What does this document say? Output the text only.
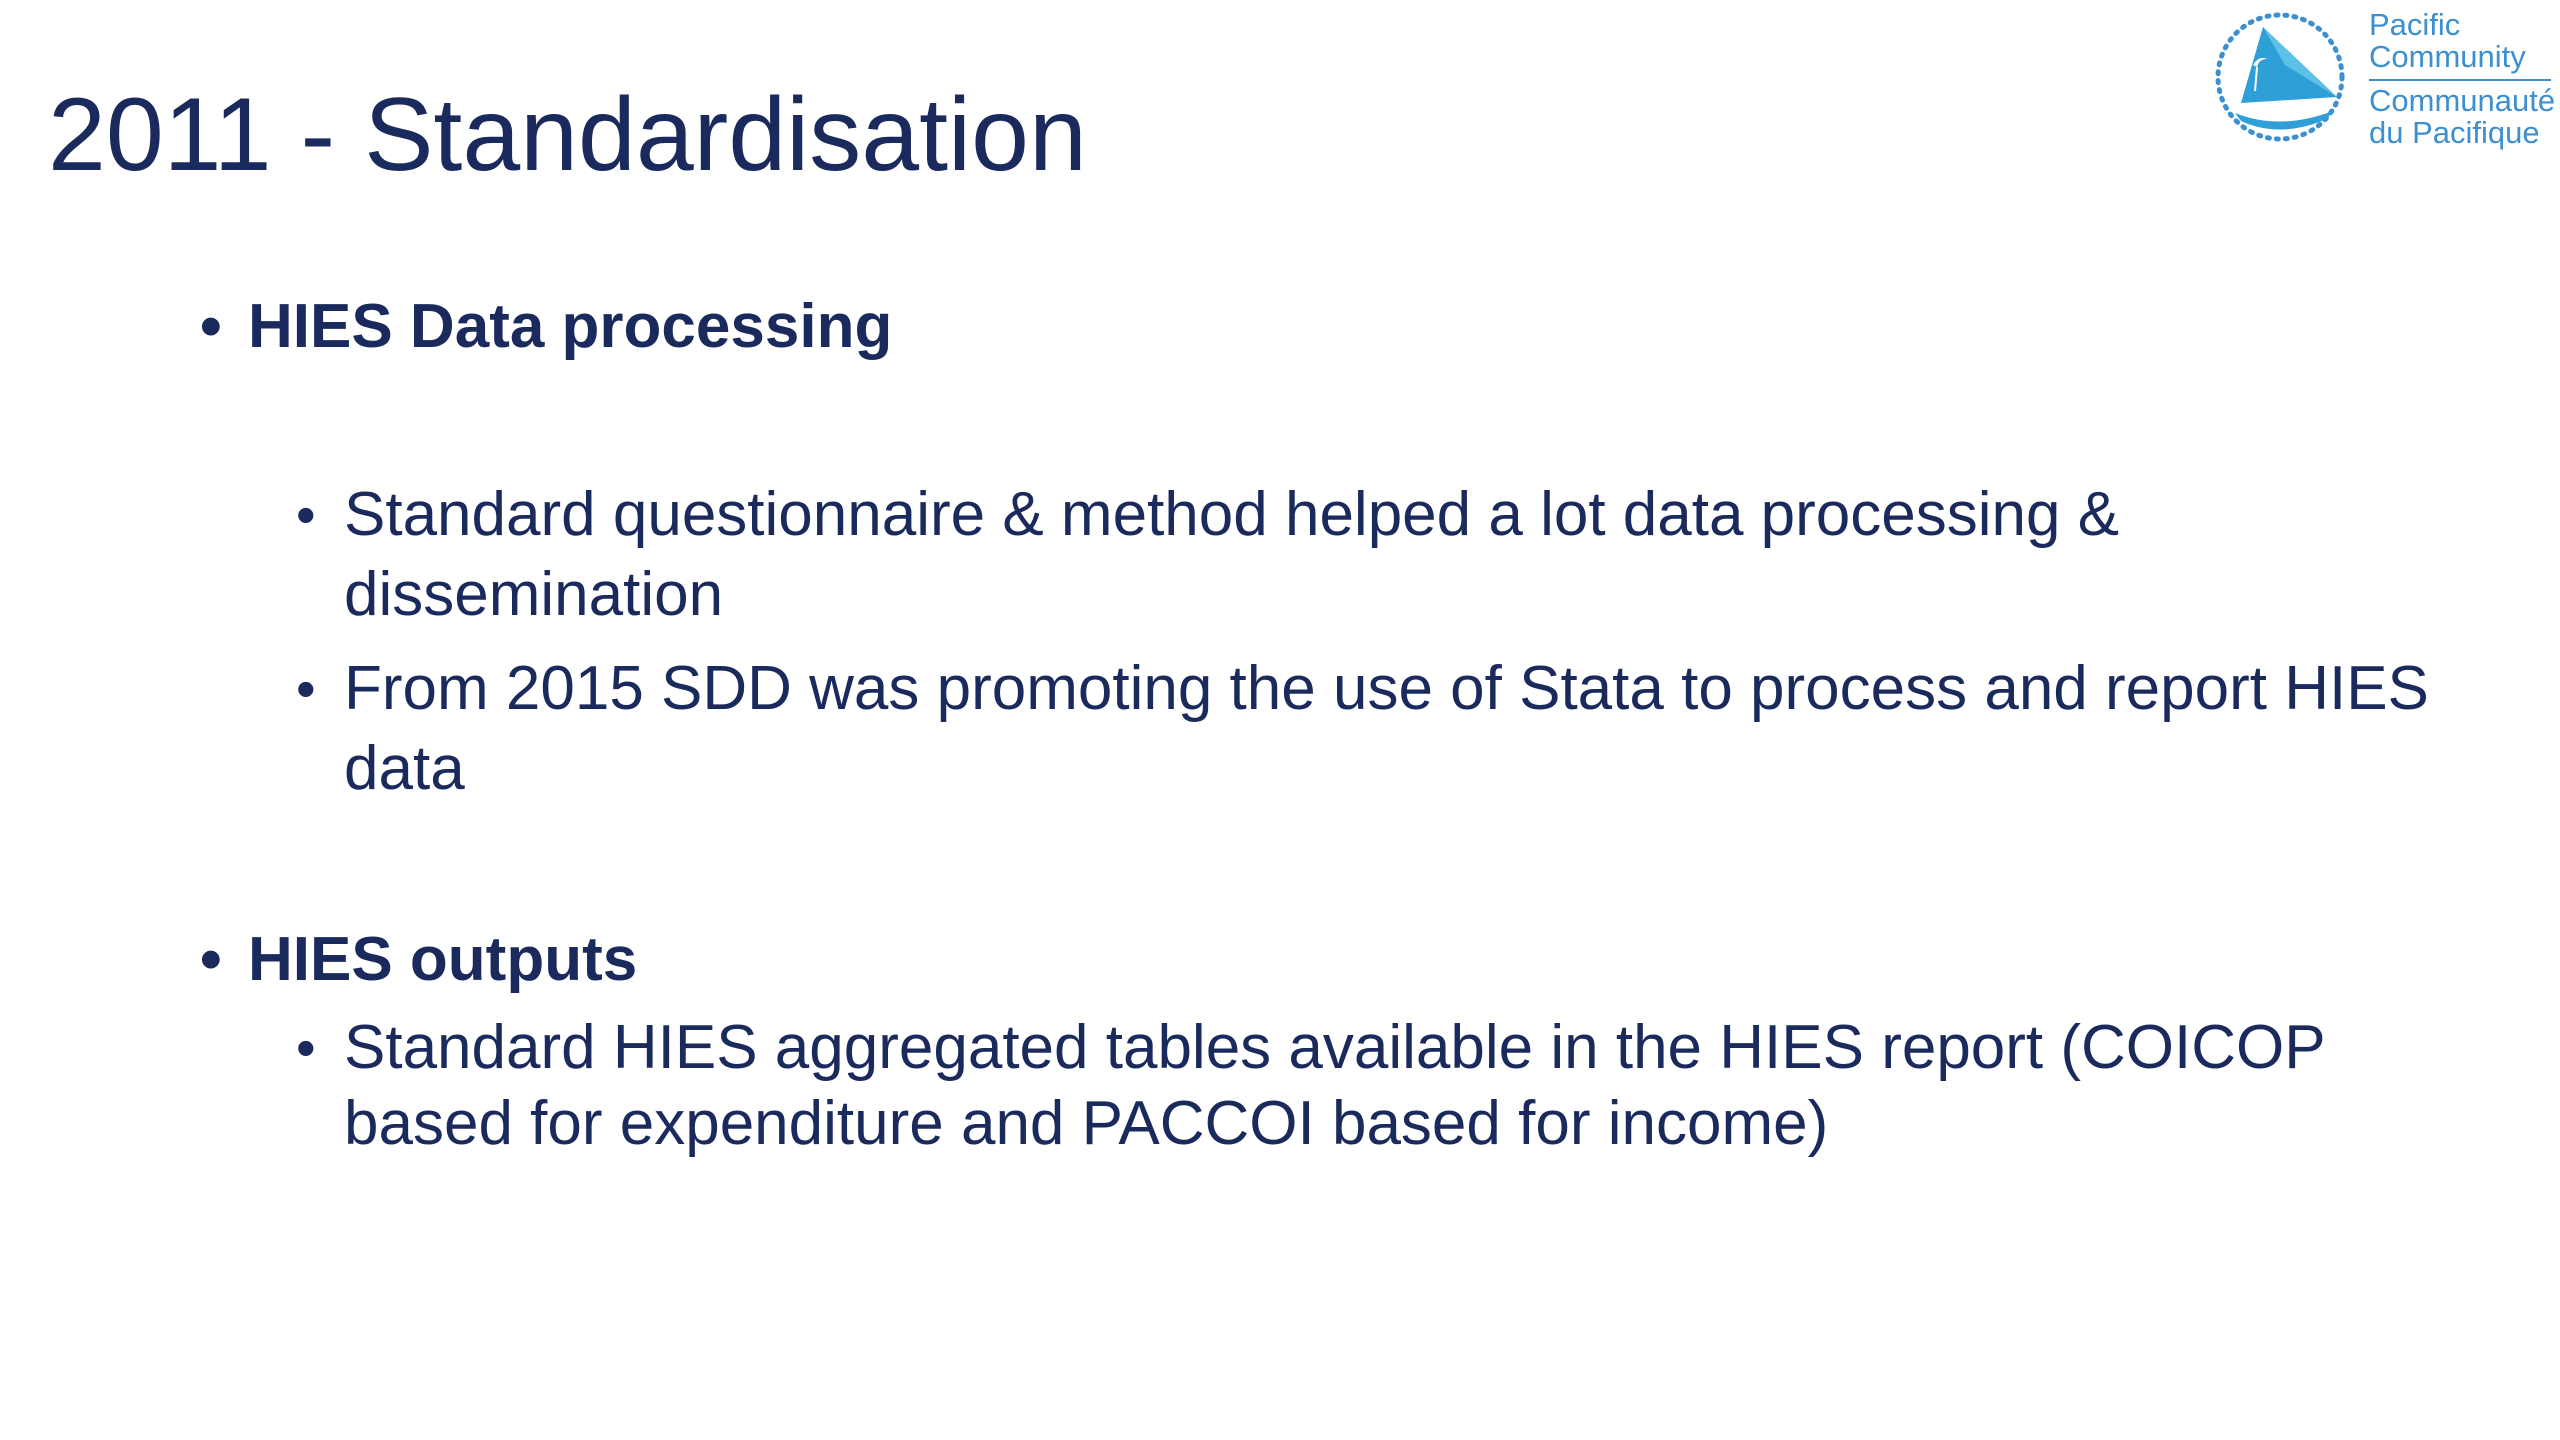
2011 - Standardisation
Pacific
Community
Communauté
du Pacifique
• HIES Data processing
• Standard questionnaire & method helped a lot data processing & dissemination
• From 2015 SDD was promoting the use of Stata to process and report HIES data
• HIES outputs
• Standard HIES aggregated tables available in the HIES report (COICOP based for expenditure and PACCOI based for income)
